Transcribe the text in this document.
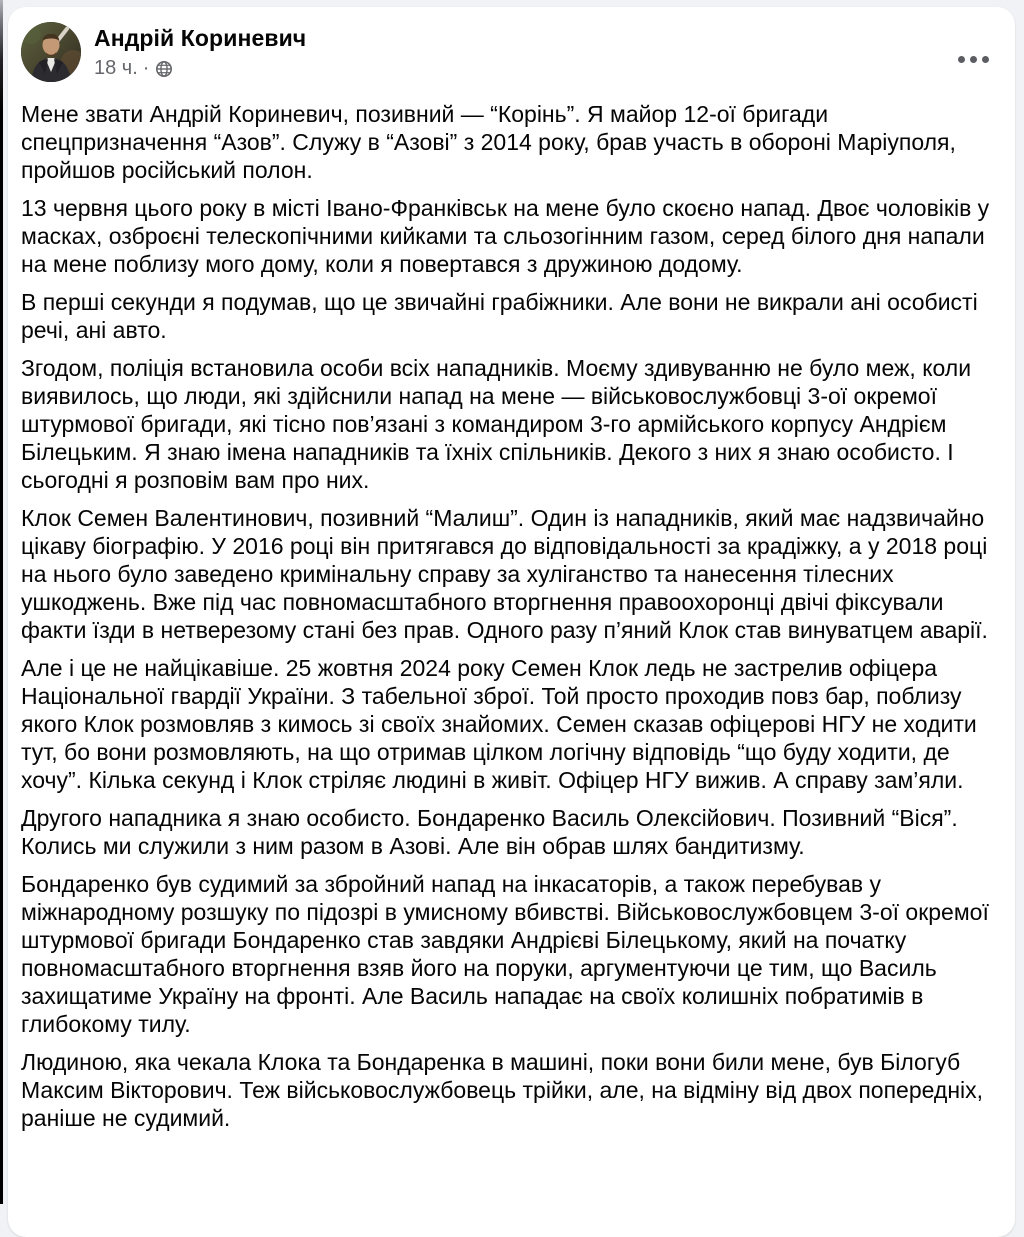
Андрій Кориневич
18 ч. ·

Мене звати Андрій Кориневич, позивний — “Корінь”. Я майор 12-ої бригади спецпризначення “Азов”. Служу в “Азові” з 2014 року, брав участь в обороні Маріуполя, пройшов російський полон.

13 червня цього року в місті Івано-Франківськ на мене було скоєно напад. Двоє чоловіків у масках, озброєні телескопічними кийками та сльозогінним газом, серед білого дня напали на мене поблизу мого дому, коли я повертався з дружиною додому.

В перші секунди я подумав, що це звичайні грабіжники. Але вони не викрали ані особисті речі, ані авто.

Згодом, поліція встановила особи всіх нападників. Моєму здивуванню не було меж, коли виявилось, що люди, які здійснили напад на мене — військовослужбовці 3-ої окремої штурмової бригади, які тісно пов’язані з командиром 3-го армійського корпусу Андрієм Білецьким. Я знаю імена нападників та їхніх спільників. Декого з них я знаю особисто. І сьогодні я розповім вам про них.

Клок Семен Валентинович, позивний “Малиш”. Один із нападників, який має надзвичайно цікаву біографію. У 2016 році він притягався до відповідальності за крадіжку, а у 2018 році на нього було заведено кримінальну справу за хуліганство та нанесення тілесних ушкоджень. Вже під час повномасштабного вторгнення правоохоронці двічі фіксували факти їзди в нетверезому стані без прав. Одного разу п’яний Клок став винуватцем аварії.

Але і це не найцікавіше. 25 жовтня 2024 року Семен Клок ледь не застрелив офіцера Національної гвардії України. З табельної зброї. Той просто проходив повз бар, поблизу якого Клок розмовляв з кимось зі своїх знайомих. Семен сказав офіцерові НГУ не ходити тут, бо вони розмовляють, на що отримав цілком логічну відповідь “що буду ходити, де хочу”. Кілька секунд і Клок стріляє людині в живіт. Офіцер НГУ вижив. А справу зам’яли.

Другого нападника я знаю особисто. Бондаренко Василь Олексійович. Позивний “Віся”. Колись ми служили з ним разом в Азові. Але він обрав шлях бандитизму.

Бондаренко був судимий за збройний напад на інкасаторів, а також перебував у міжнародному розшуку по підозрі в умисному вбивстві. Військовослужбовцем 3-ої окремої штурмової бригади Бондаренко став завдяки Андрієві Білецькому, який на початку повномасштабного вторгнення взяв його на поруки, аргументуючи це тим, що Василь захищатиме Україну на фронті. Але Василь нападає на своїх колишніх побратимів в глибокому тилу.

Людиною, яка чекала Клока та Бондаренка в машині, поки вони били мене, був Білогуб Максим Вікторович. Теж військовослужбовець трійки, але, на відміну від двох попередніх, раніше не судимий.
